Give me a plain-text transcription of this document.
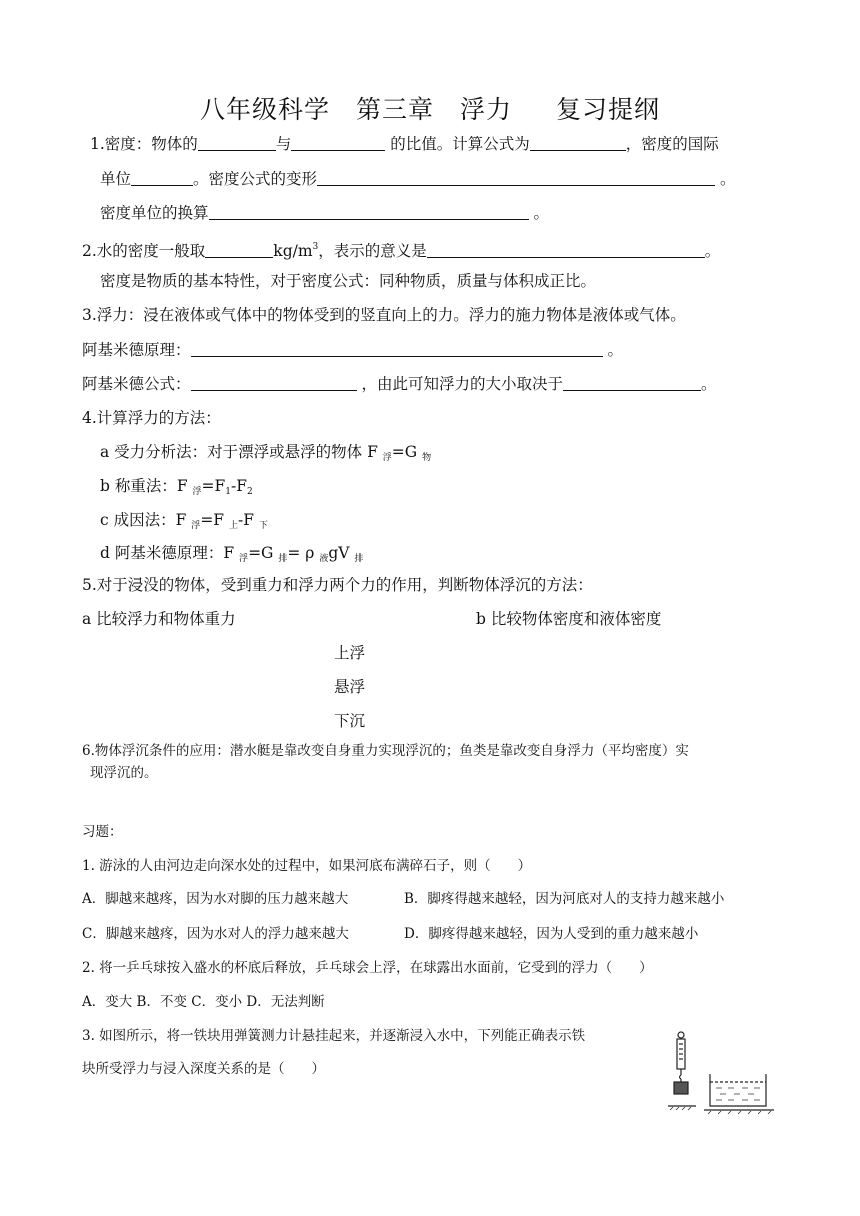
八年级科学　第三章　浮力 　 复习提纲
1.密度：物体的	与	的比值。计算公式为	，密度的国际
单位	。密度公式的变形	。
密度单位的换算	。
2.水的密度一般取	$kg/m^3$，表示的意义是	。
密度是物质的基本特性，对于密度公式：同种物质，质量与体积成正比。
3.浮力：浸在液体或气体中的物体受到的竖直向上的力。浮力的施力物体是液体或气体。
阿基米德原理：	。
阿基米德公式：	，由此可知浮力的大小取决于	。
4.计算浮力的方法：
a 受力分析法：对于漂浮或悬浮的物体 F $_浮$=G $_物$
b 称重法：F $_浮=F_1-F_2$
c 成因法：F $_浮$=F $_上$-F $_下$
d 阿基米德原理：F $_浮$=G $_排$= ρ $_液$gV $_排$
5.对于浸没的物体，受到重力和浮力两个力的作用，判断物体浮沉的方法：
a 比较浮力和物体重力	b 比较物体密度和液体密度
上浮
悬浮
下沉
6.物体浮沉条件的应用：潜水艇是靠改变自身重力实现浮沉的；鱼类是靠改变自身浮力（平均密度）实
现浮沉的。
习题：
1. 游泳的人由河边走向深水处的过程中，如果河底布满碎石子，则（　　）
A．脚越来越疼，因为水对脚的压力越来越大	B．脚疼得越来越轻，因为河底对人的支持力越来越小
C．脚越来越疼，因为水对人的浮力越来越大	D．脚疼得越来越轻，因为人受到的重力越来越小
2. 将一乒乓球按入盛水的杯底后释放，乒乓球会上浮，在球露出水面前，它受到的浮力（　　）
A．变大 B．不变 C．变小 D．无法判断
3. 如图所示，将一铁块用弹簧测力计悬挂起来，并逐渐浸入水中，下列能正确表示铁
块所受浮力与浸入深度关系的是（　　）
